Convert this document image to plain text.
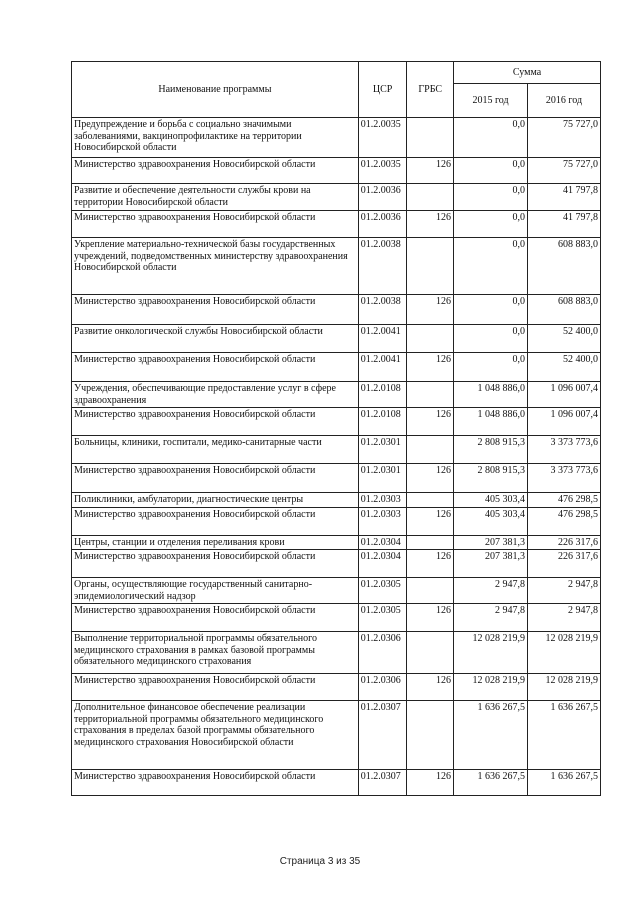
Наименование программы	ЦСР	ГРБС	Сумма	
			2015 год	2016 год
Предупреждение и борьба с социально значимыми заболеваниями, вакцинопрофилактике на территории Новосибирской области	01.2.0035		0,0	75 727,0
Министерство здравоохранения Новосибирской области	01.2.0035	126	0,0	75 727,0
Развитие и обеспечение деятельности службы крови на территории Новосибирской области	01.2.0036		0,0	41 797,8
Министерство здравоохранения Новосибирской области	01.2.0036	126	0,0	41 797,8
Укрепление материально-технической базы государственных учреждений, подведомственных министерству здравоохранения Новосибирской области	01.2.0038		0,0	608 883,0
Министерство здравоохранения Новосибирской области	01.2.0038	126	0,0	608 883,0
Развитие онкологической службы Новосибирской области	01.2.0041		0,0	52 400,0
Министерство здравоохранения Новосибирской области	01.2.0041	126	0,0	52 400,0
Учреждения, обеспечивающие предоставление услуг в сфере здравоохранения	01.2.0108		1 048 886,0	1 096 007,4
Министерство здравоохранения Новосибирской области	01.2.0108	126	1 048 886,0	1 096 007,4
Больницы, клиники, госпитали, медико-санитарные части	01.2.0301		2 808 915,3	3 373 773,6
Министерство здравоохранения Новосибирской области	01.2.0301	126	2 808 915,3	3 373 773,6
Поликлиники, амбулатории, диагностические центры	01.2.0303		405 303,4	476 298,5
Министерство здравоохранения Новосибирской области	01.2.0303	126	405 303,4	476 298,5
Центры, станции и отделения переливания крови	01.2.0304		207 381,3	226 317,6
Министерство здравоохранения Новосибирской области	01.2.0304	126	207 381,3	226 317,6
Органы, осуществляющие государственный санитарно-эпидемиологический надзор	01.2.0305		2 947,8	2 947,8
Министерство здравоохранения Новосибирской области	01.2.0305	126	2 947,8	2 947,8
Выполнение территориальной программы обязательного медицинского страхования в рамках базовой программы обязательного медицинского страхования	01.2.0306		12 028 219,9	12 028 219,9
Министерство здравоохранения Новосибирской области	01.2.0306	126	12 028 219,9	12 028 219,9
Дополнительное финансовое обеспечение реализации территориальной программы обязательного медицинского страхования в пределах базой программы обязательного медицинского страхования Новосибирской области	01.2.0307		1 636 267,5	1 636 267,5
Министерство здравоохранения Новосибирской области	01.2.0307	126	1 636 267,5	1 636 267,5
Страница 3 из 35
